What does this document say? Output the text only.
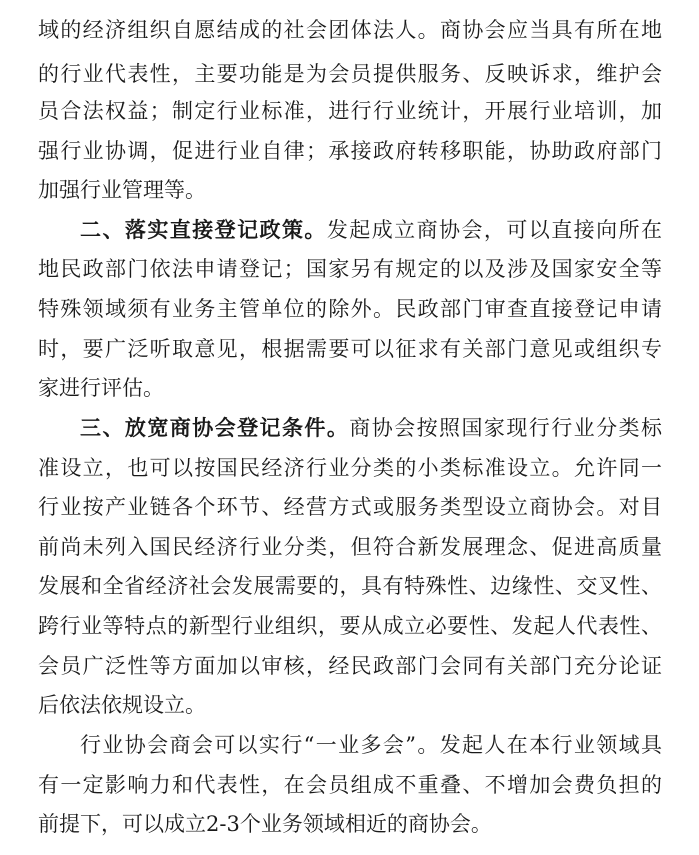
域的经济组织自愿结成的社会团体法人。商协会应当具有所在地
的行业代表性，主要功能是为会员提供服务、反映诉求，维护会
员合法权益；制定行业标准，进行行业统计，开展行业培训，加
强行业协调，促进行业自律；承接政府转移职能，协助政府部门
加强行业管理等。
二、落实直接登记政策。发起成立商协会，可以直接向所在
地民政部门依法申请登记；国家另有规定的以及涉及国家安全等
特殊领域须有业务主管单位的除外。民政部门审查直接登记申请
时，要广泛听取意见，根据需要可以征求有关部门意见或组织专
家进行评估。
三、放宽商协会登记条件。商协会按照国家现行行业分类标
准设立，也可以按国民经济行业分类的小类标准设立。允许同一
行业按产业链各个环节、经营方式或服务类型设立商协会。对目
前尚未列入国民经济行业分类，但符合新发展理念、促进高质量
发展和全省经济社会发展需要的，具有特殊性、边缘性、交叉性、
跨行业等特点的新型行业组织，要从成立必要性、发起人代表性、
会员广泛性等方面加以审核，经民政部门会同有关部门充分论证
后依法依规设立。
行业协会商会可以实行“一业多会”。发起人在本行业领域具
有一定影响力和代表性，在会员组成不重叠、不增加会费负担的
前提下，可以成立2-3个业务领域相近的商协会。
